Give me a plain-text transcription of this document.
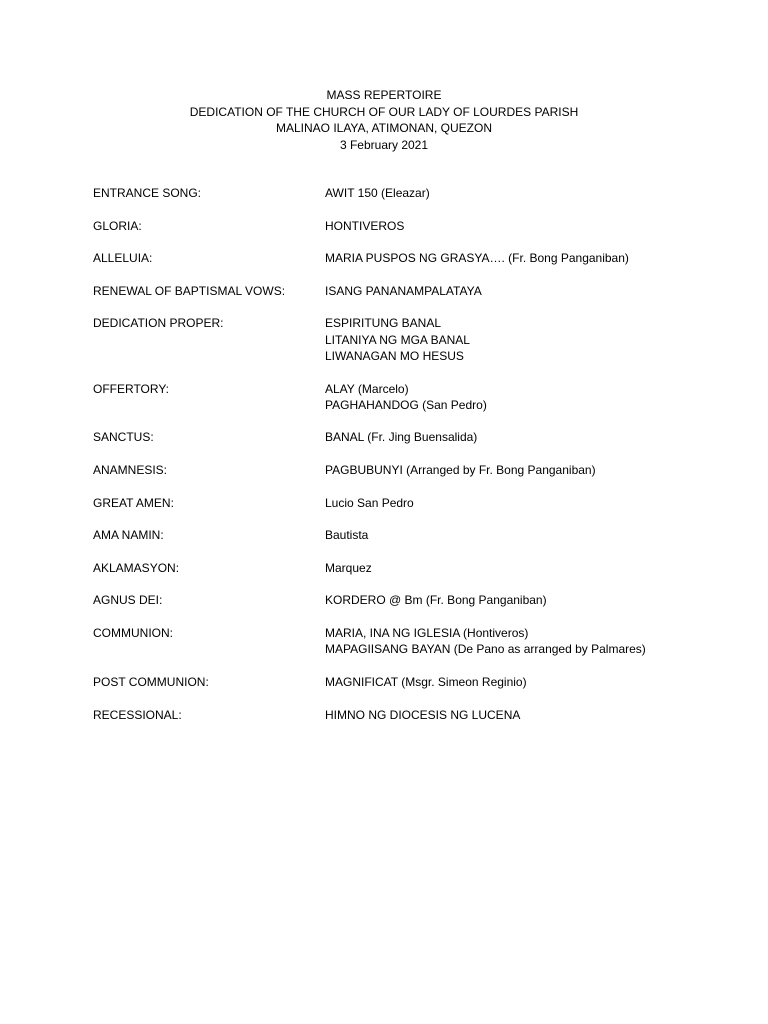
MASS REPERTOIRE
DEDICATION OF THE CHURCH OF OUR LADY OF LOURDES PARISH
MALINAO ILAYA, ATIMONAN, QUEZON
3 February 2021
ENTRANCE SONG:	AWIT 150 (Eleazar)
GLORIA:	HONTIVEROS
ALLELUIA:	MARIA PUSPOS NG GRASYA…. (Fr. Bong Panganiban)
RENEWAL OF BAPTISMAL VOWS:	ISANG PANANAMPALATAYA
DEDICATION PROPER:	ESPIRITUNG BANAL
LITANIYA NG MGA BANAL
LIWANAGAN MO HESUS
OFFERTORY:	ALAY (Marcelo)
PAGHAHANDOG (San Pedro)
SANCTUS:	BANAL (Fr. Jing Buensalida)
ANAMNESIS:	PAGBUBUNYI (Arranged by Fr. Bong Panganiban)
GREAT AMEN:	Lucio San Pedro
AMA NAMIN:	Bautista
AKLAMASYON:	Marquez
AGNUS DEI:	KORDERO @ Bm (Fr. Bong Panganiban)
COMMUNION:	MARIA, INA NG IGLESIA (Hontiveros)
MAPAGIISANG BAYAN (De Pano as arranged by Palmares)
POST COMMUNION:	MAGNIFICAT (Msgr. Simeon Reginio)
RECESSIONAL:	HIMNO NG DIOCESIS NG LUCENA
